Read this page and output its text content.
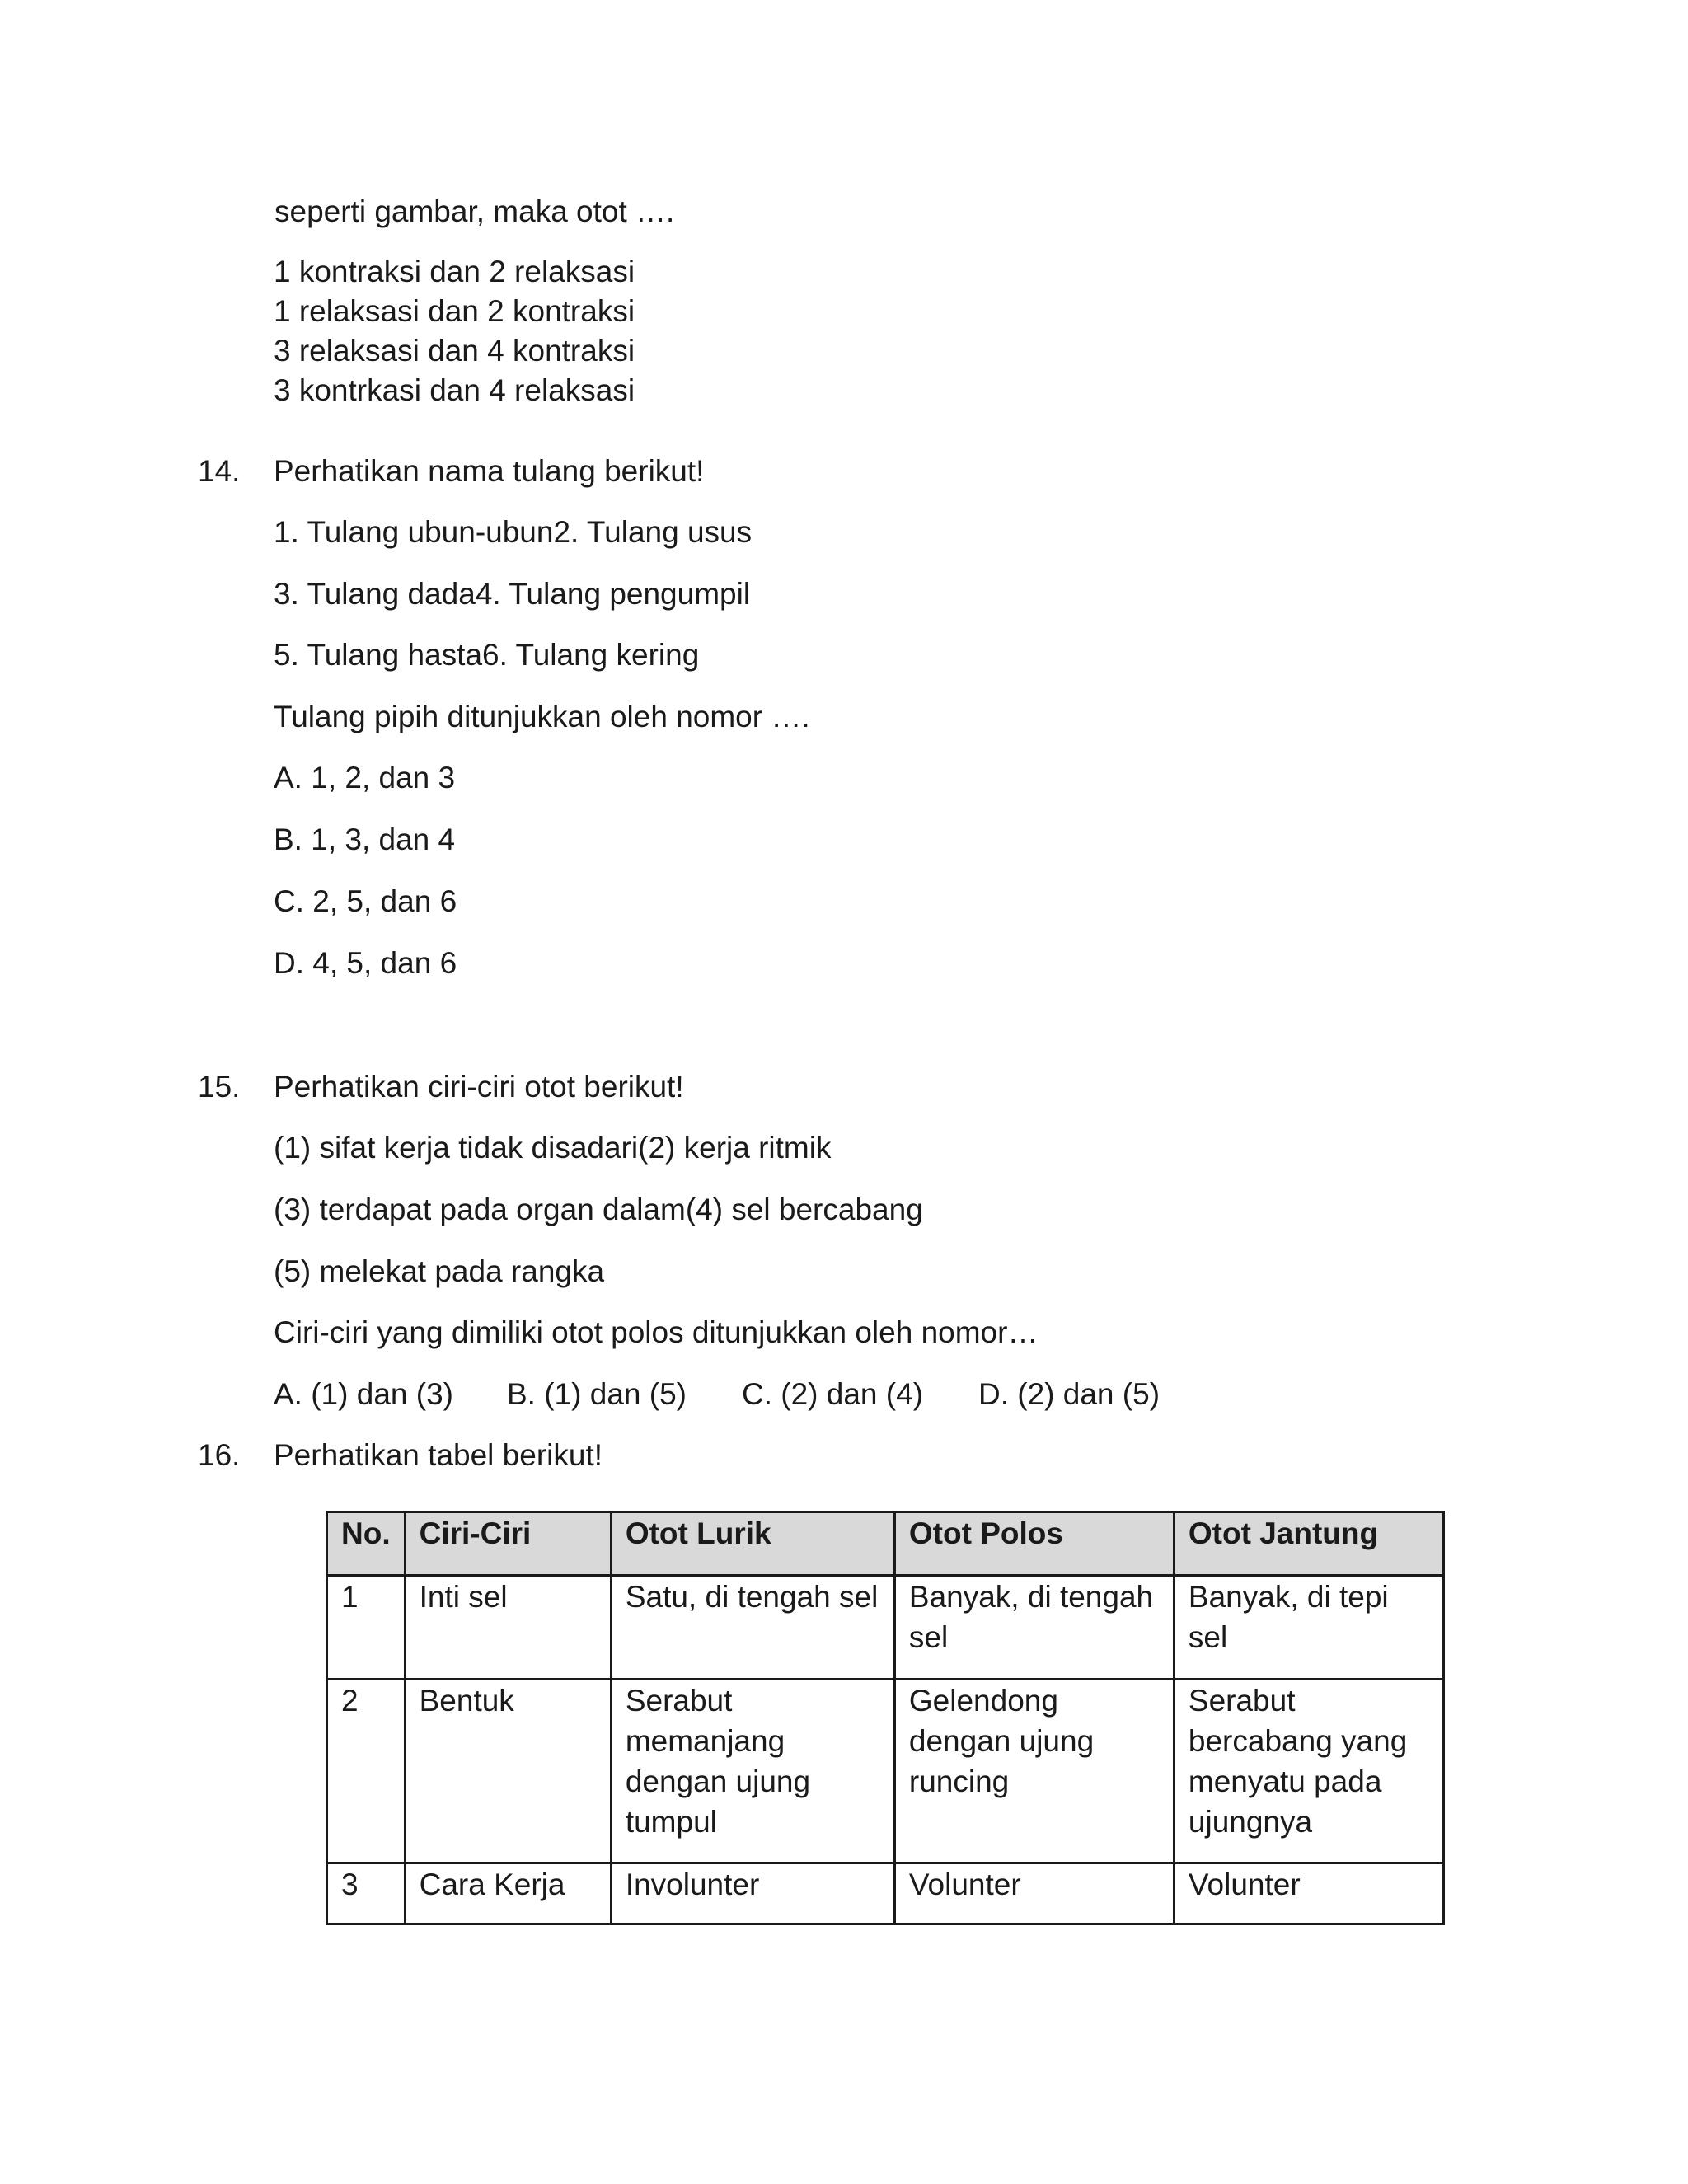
seperti gambar, maka otot ….
1 kontraksi dan 2 relaksasi
1 relaksasi dan 2 kontraksi
3 relaksasi dan 4 kontraksi
3 kontrkasi dan 4 relaksasi
14. Perhatikan nama tulang berikut!
1. Tulang ubun-ubun2. Tulang usus
3. Tulang dada4. Tulang pengumpil
5. Tulang hasta6. Tulang kering
Tulang pipih ditunjukkan oleh nomor ….
A. 1, 2, dan 3
B. 1, 3, dan 4
C. 2, 5, dan 6
D. 4, 5, dan 6
15. Perhatikan ciri-ciri otot berikut!
(1) sifat kerja tidak disadari(2) kerja ritmik
(3) terdapat pada organ dalam(4) sel bercabang
(5) melekat pada rangka
Ciri-ciri yang dimiliki otot polos ditunjukkan oleh nomor…
A. (1) dan (3) B. (1) dan (5) C. (2) dan (4) D. (2) dan (5)
16. Perhatikan tabel berikut!
No.	Ciri-Ciri	Otot Lurik	Otot Polos	Otot Jantung
1	Inti sel	Satu, di tengah sel	Banyak, di tengah sel	Banyak, di tepi sel
2	Bentuk	Serabut memanjang dengan ujung tumpul	Gelendong dengan ujung runcing	Serabut bercabang yang menyatu pada ujungnya
3	Cara Kerja	Involunter	Volunter	Volunter
